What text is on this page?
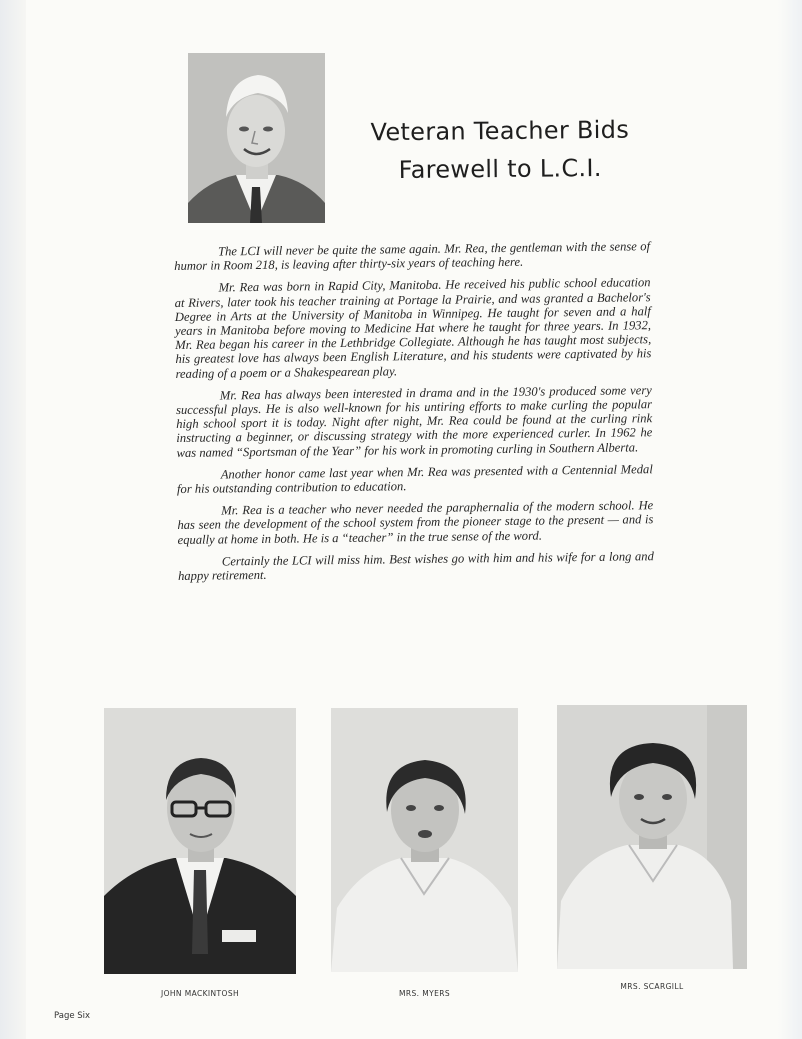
Veteran Teacher Bids
Farewell to L.C.I.

The LCI will never be quite the same again. Mr. Rea, the gentleman with the sense of humor in Room 218, is leaving after thirty-six years of teaching here.

Mr. Rea was born in Rapid City, Manitoba. He received his public school education at Rivers, later took his teacher training at Portage la Prairie, and was granted a Bachelor's Degree in Arts at the University of Manitoba in Winnipeg. He taught for seven and a half years in Manitoba before moving to Medicine Hat where he taught for three years. In 1932, Mr. Rea began his career in the Lethbridge Collegiate. Although he has taught most subjects, his greatest love has always been English Literature, and his students were captivated by his reading of a poem or a Shakespearean play.

Mr. Rea has always been interested in drama and in the 1930's produced some very successful plays. He is also well-known for his untiring efforts to make curling the popular high school sport it is today. Night after night, Mr. Rea could be found at the curling rink instructing a beginner, or discussing strategy with the more experienced curler. In 1962 he was named “Sportsman of the Year” for his work in promoting curling in Southern Alberta.

Another honor came last year when Mr. Rea was presented with a Centennial Medal for his outstanding contribution to education.

Mr. Rea is a teacher who never needed the paraphernalia of the modern school. He has seen the development of the school system from the pioneer stage to the present — and is equally at home in both. He is a “teacher” in the true sense of the word.

Certainly the LCI will miss him. Best wishes go with him and his wife for a long and happy retirement.

JOHN MACKINTOSH	MRS. MYERS
MRS. SCARGILL
Page Six
